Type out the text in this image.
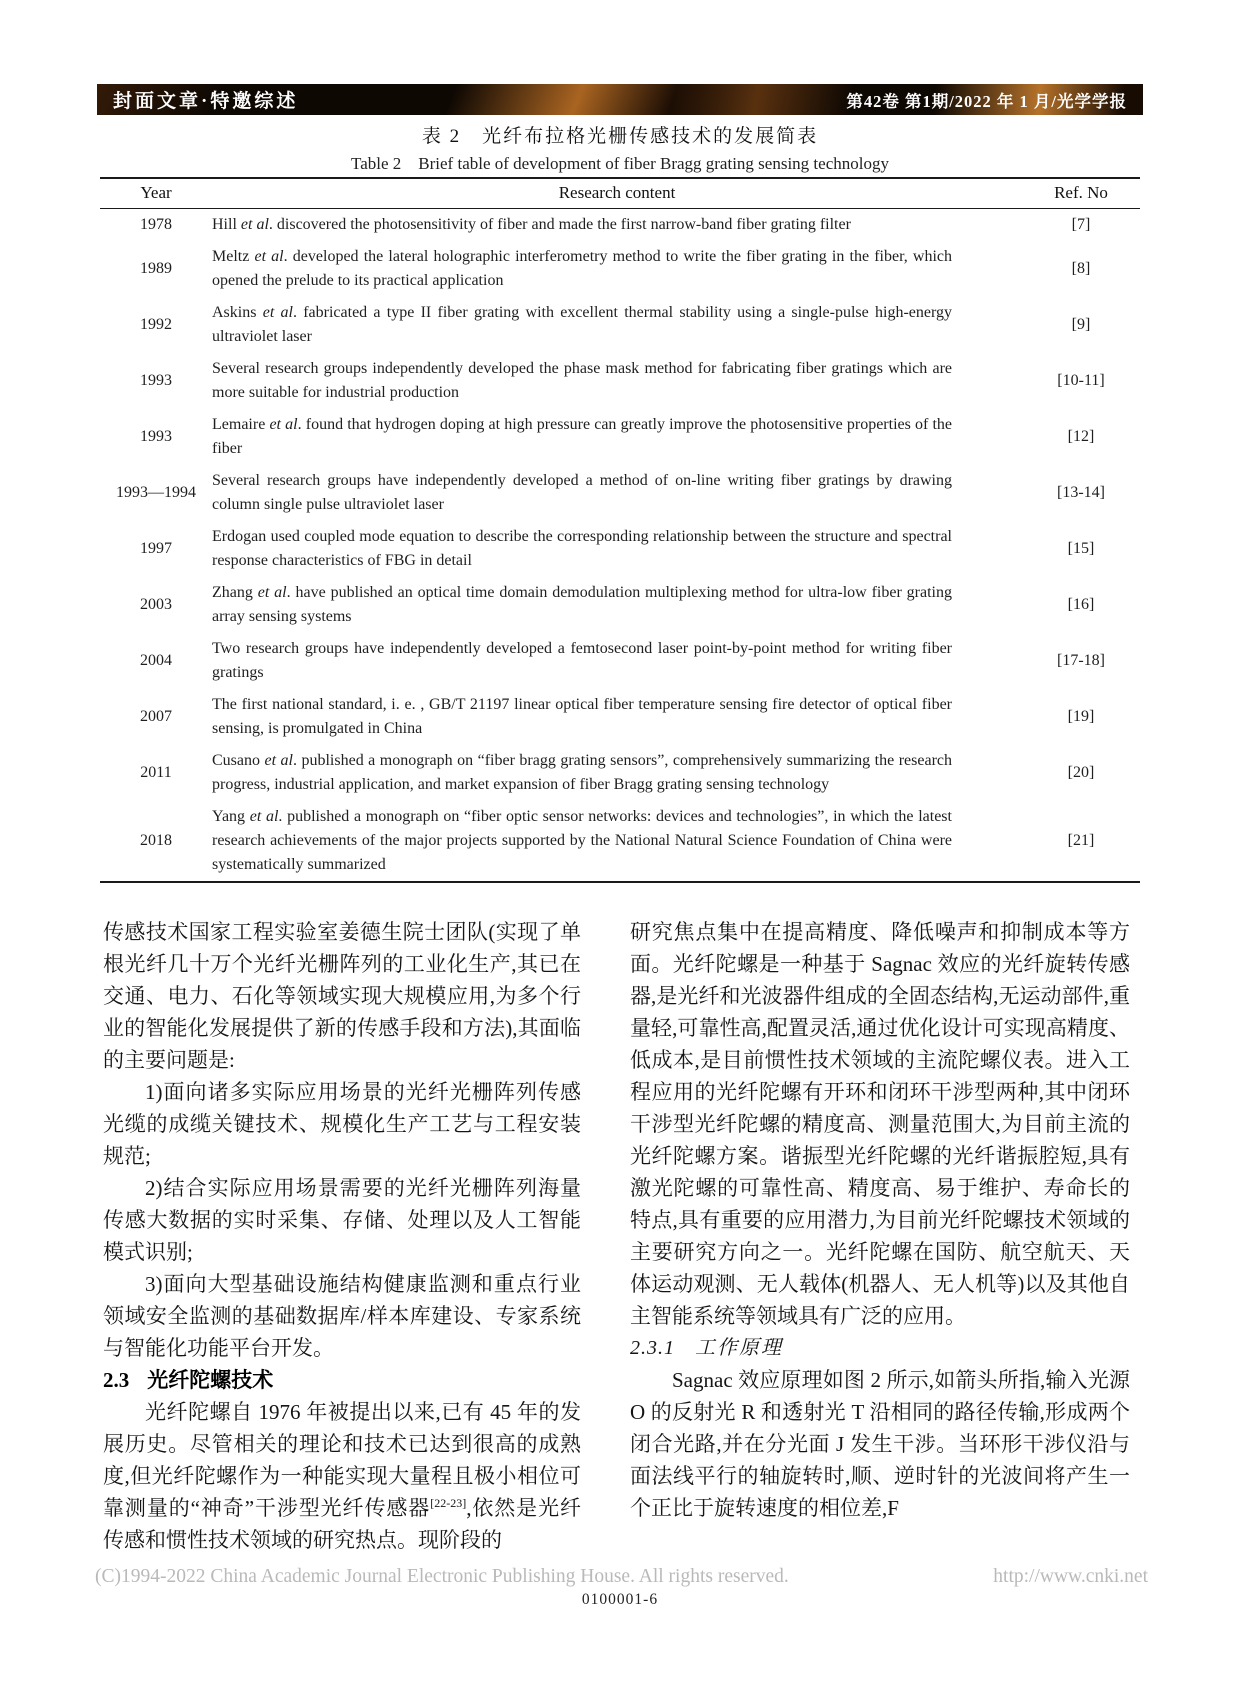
封面文章·特邀综述	第42卷 第1期/2022 年 1 月/光学学报
表 2　光纤布拉格光栅传感技术的发展简表
Table 2　Brief table of development of fiber Bragg grating sensing technology
Year	Research content	Ref. No
1978	Hill et al. discovered the photosensitivity of fiber and made the first narrow-band fiber grating filter	[7]
1989	Meltz et al. developed the lateral holographic interferometry method to write the fiber grating in the fiber, which opened the prelude to its practical application	[8]
1992	Askins et al. fabricated a type II fiber grating with excellent thermal stability using a single-pulse high-energy ultraviolet laser	[9]
1993	Several research groups independently developed the phase mask method for fabricating fiber gratings which are more suitable for industrial production	[10-11]
1993	Lemaire et al. found that hydrogen doping at high pressure can greatly improve the photosensitive properties of the fiber	[12]
1993—1994	Several research groups have independently developed a method of on-line writing fiber gratings by drawing column single pulse ultraviolet laser	[13-14]
1997	Erdogan used coupled mode equation to describe the corresponding relationship between the structure and spectral response characteristics of FBG in detail	[15]
2003	Zhang et al. have published an optical time domain demodulation multiplexing method for ultra-low fiber grating array sensing systems	[16]
2004	Two research groups have independently developed a femtosecond laser point-by-point method for writing fiber gratings	[17-18]
2007	The first national standard, i. e. , GB/T 21197 linear optical fiber temperature sensing fire detector of optical fiber sensing, is promulgated in China	[19]
2011	Cusano et al. published a monograph on “fiber bragg grating sensors”, comprehensively summarizing the research progress, industrial application, and market expansion of fiber Bragg grating sensing technology	[20]
2018	Yang et al. published a monograph on “fiber optic sensor networks: devices and technologies”, in which the latest research achievements of the major projects supported by the National Natural Science Foundation of China were systematically summarized	[21]

传感技术国家工程实验室姜德生院士团队(实现了单根光纤几十万个光纤光栅阵列的工业化生产,其已在交通、电力、石化等领域实现大规模应用,为多个行业的智能化发展提供了新的传感手段和方法),其面临的主要问题是:

1)面向诸多实际应用场景的光纤光栅阵列传感光缆的成缆关键技术、规模化生产工艺与工程安装规范;

2)结合实际应用场景需要的光纤光栅阵列海量传感大数据的实时采集、存储、处理以及人工智能模式识别;

3)面向大型基础设施结构健康监测和重点行业领域安全监测的基础数据库/样本库建设、专家系统与智能化功能平台开发。

2.3 光纤陀螺技术

光纤陀螺自 1976 年被提出以来,已有 45 年的发展历史。尽管相关的理论和技术已达到很高的成熟度,但光纤陀螺作为一种能实现大量程且极小相位可靠测量的“神奇”干涉型光纤传感器[22-23],依然是光纤传感和惯性技术领域的研究热点。现阶段的

研究焦点集中在提高精度、降低噪声和抑制成本等方面。光纤陀螺是一种基于 Sagnac 效应的光纤旋转传感器,是光纤和光波器件组成的全固态结构,无运动部件,重量轻,可靠性高,配置灵活,通过优化设计可实现高精度、低成本,是目前惯性技术领域的主流陀螺仪表。进入工程应用的光纤陀螺有开环和闭环干涉型两种,其中闭环干涉型光纤陀螺的精度高、测量范围大,为目前主流的光纤陀螺方案。谐振型光纤陀螺的光纤谐振腔短,具有激光陀螺的可靠性高、精度高、易于维护、寿命长的特点,具有重要的应用潜力,为目前光纤陀螺技术领域的主要研究方向之一。光纤陀螺在国防、航空航天、天体运动观测、无人载体(机器人、无人机等)以及其他自主智能系统等领域具有广泛的应用。

2.3.1 工作原理

Sagnac 效应原理如图 2 所示,如箭头所指,输入光源 O 的反射光 R 和透射光 T 沿相同的路径传输,形成两个闭合光路,并在分光面 J 发生干涉。当环形干涉仪沿与面法线平行的轴旋转时,顺、逆时针的光波间将产生一个正比于旋转速度的相位差,F

(C)1994-2022 China Academic Journal Electronic Publishing House. All rights reserved.	http://www.cnki.net
0100001-6
